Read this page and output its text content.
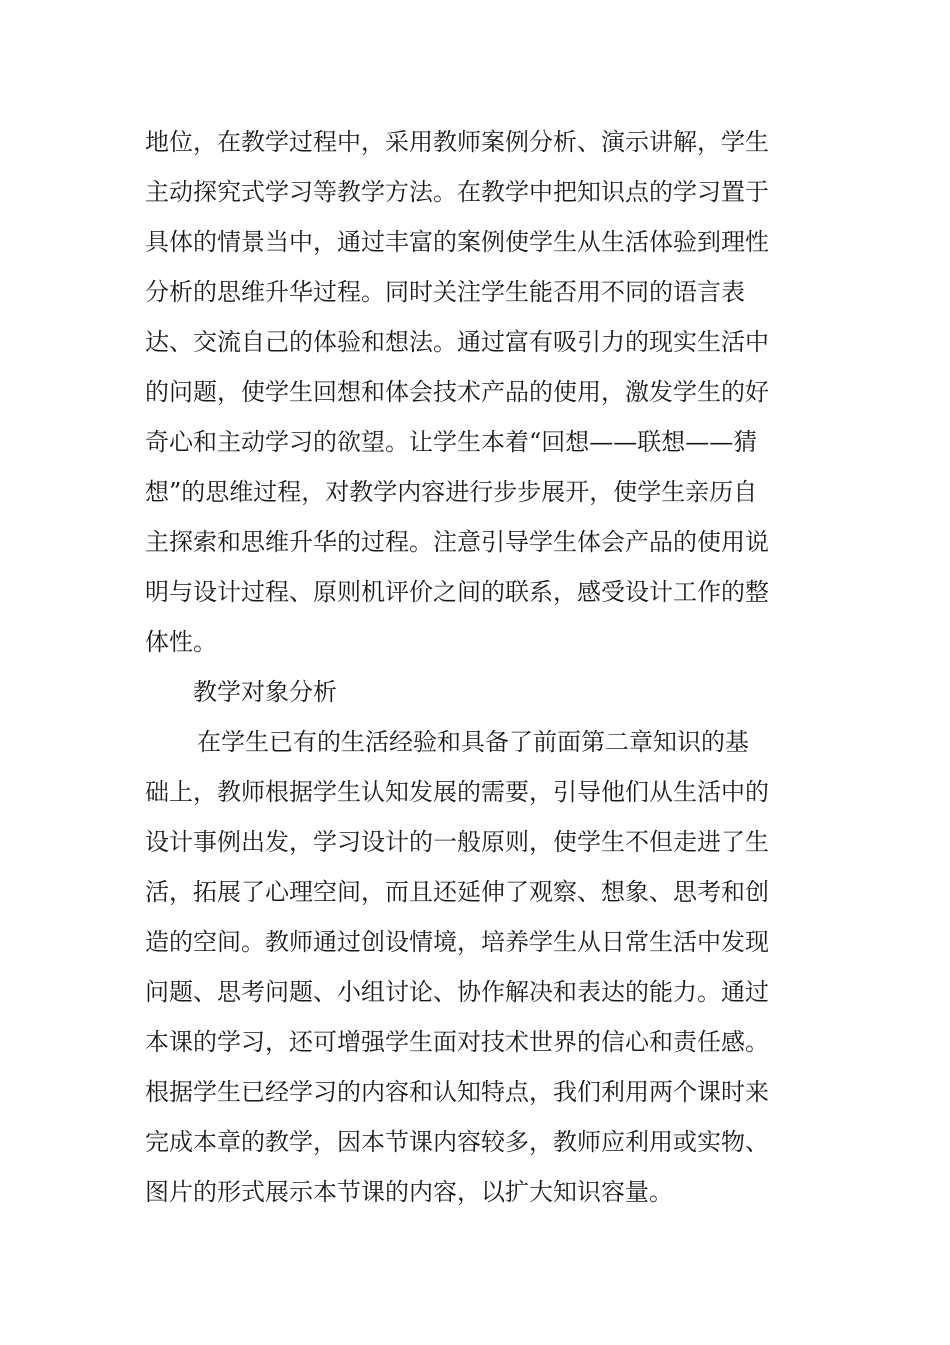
地位，在教学过程中，采用教师案例分析、演示讲解，学生
主动探究式学习等教学方法。在教学中把知识点的学习置于
具体的情景当中，通过丰富的案例使学生从生活体验到理性
分析的思维升华过程。同时关注学生能否用不同的语言表
达、交流自己的体验和想法。通过富有吸引力的现实生活中
的问题，使学生回想和体会技术产品的使用，激发学生的好
奇心和主动学习的欲望。让学生本着“回想——联想——猜
想”的思维过程，对教学内容进行步步展开，使学生亲历自
主探索和思维升华的过程。注意引导学生体会产品的使用说
明与设计过程、原则机评价之间的联系，感受设计工作的整
体性。
教学对象分析
在学生已有的生活经验和具备了前面第二章知识的基
础上，教师根据学生认知发展的需要，引导他们从生活中的
设计事例出发，学习设计的一般原则，使学生不但走进了生
活，拓展了心理空间，而且还延伸了观察、想象、思考和创
造的空间。教师通过创设情境，培养学生从日常生活中发现
问题、思考问题、小组讨论、协作解决和表达的能力。通过
本课的学习，还可增强学生面对技术世界的信心和责任感。
根据学生已经学习的内容和认知特点，我们利用两个课时来
完成本章的教学，因本节课内容较多，教师应利用或实物、
图片的形式展示本节课的内容，以扩大知识容量。
